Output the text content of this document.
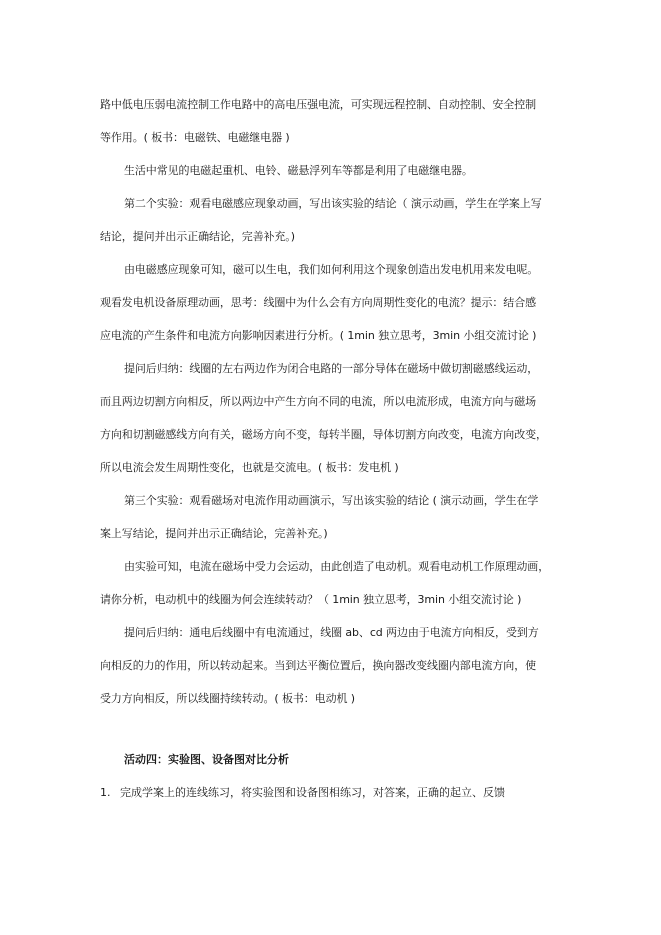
路中低电压弱电流控制工作电路中的高电压强电流，可实现远程控制、自动控制、安全控制
等作用。( 板书：电磁铁、电磁继电器 )
生活中常见的电磁起重机、电铃、磁悬浮列车等都是利用了电磁继电器。
第二个实验：观看电磁感应现象动画，写出该实验的结论（ 演示动画，学生在学案上写
结论，提问并出示正确结论，完善补充。)
由电磁感应现象可知，磁可以生电，我们如何利用这个现象创造出发电机用来发电呢。
观看发电机设备原理动画，思考：线圈中为什么会有方向周期性变化的电流？提示：结合感
应电流的产生条件和电流方向影响因素进行分析。( 1min 独立思考，3min 小组交流讨论 )
提问后归纳：线圈的左右两边作为闭合电路的一部分导体在磁场中做切割磁感线运动，
而且两边切割方向相反，所以两边中产生方向不同的电流，所以电流形成，电流方向与磁场
方向和切割磁感线方向有关，磁场方向不变，每转半圈，导体切割方向改变，电流方向改变，
所以电流会发生周期性变化，也就是交流电。( 板书：发电机 )
第三个实验：观看磁场对电流作用动画演示，写出该实验的结论 ( 演示动画，学生在学
案上写结论，提问并出示正确结论，完善补充。)
由实验可知，电流在磁场中受力会运动，由此创造了电动机。观看电动机工作原理动画，
请你分析，电动机中的线圈为何会连续转动？（ 1min 独立思考，3min 小组交流讨论 )
提问后归纳：通电后线圈中有电流通过，线圈 ab、cd 两边由于电流方向相反，受到方
向相反的力的作用，所以转动起来。当到达平衡位置后，换向器改变线圈内部电流方向，使
受力方向相反，所以线圈持续转动。( 板书：电动机 )
活动四：实验图、设备图对比分析
1. 完成学案上的连线练习，将实验图和设备图相练习，对答案，正确的起立、反馈
